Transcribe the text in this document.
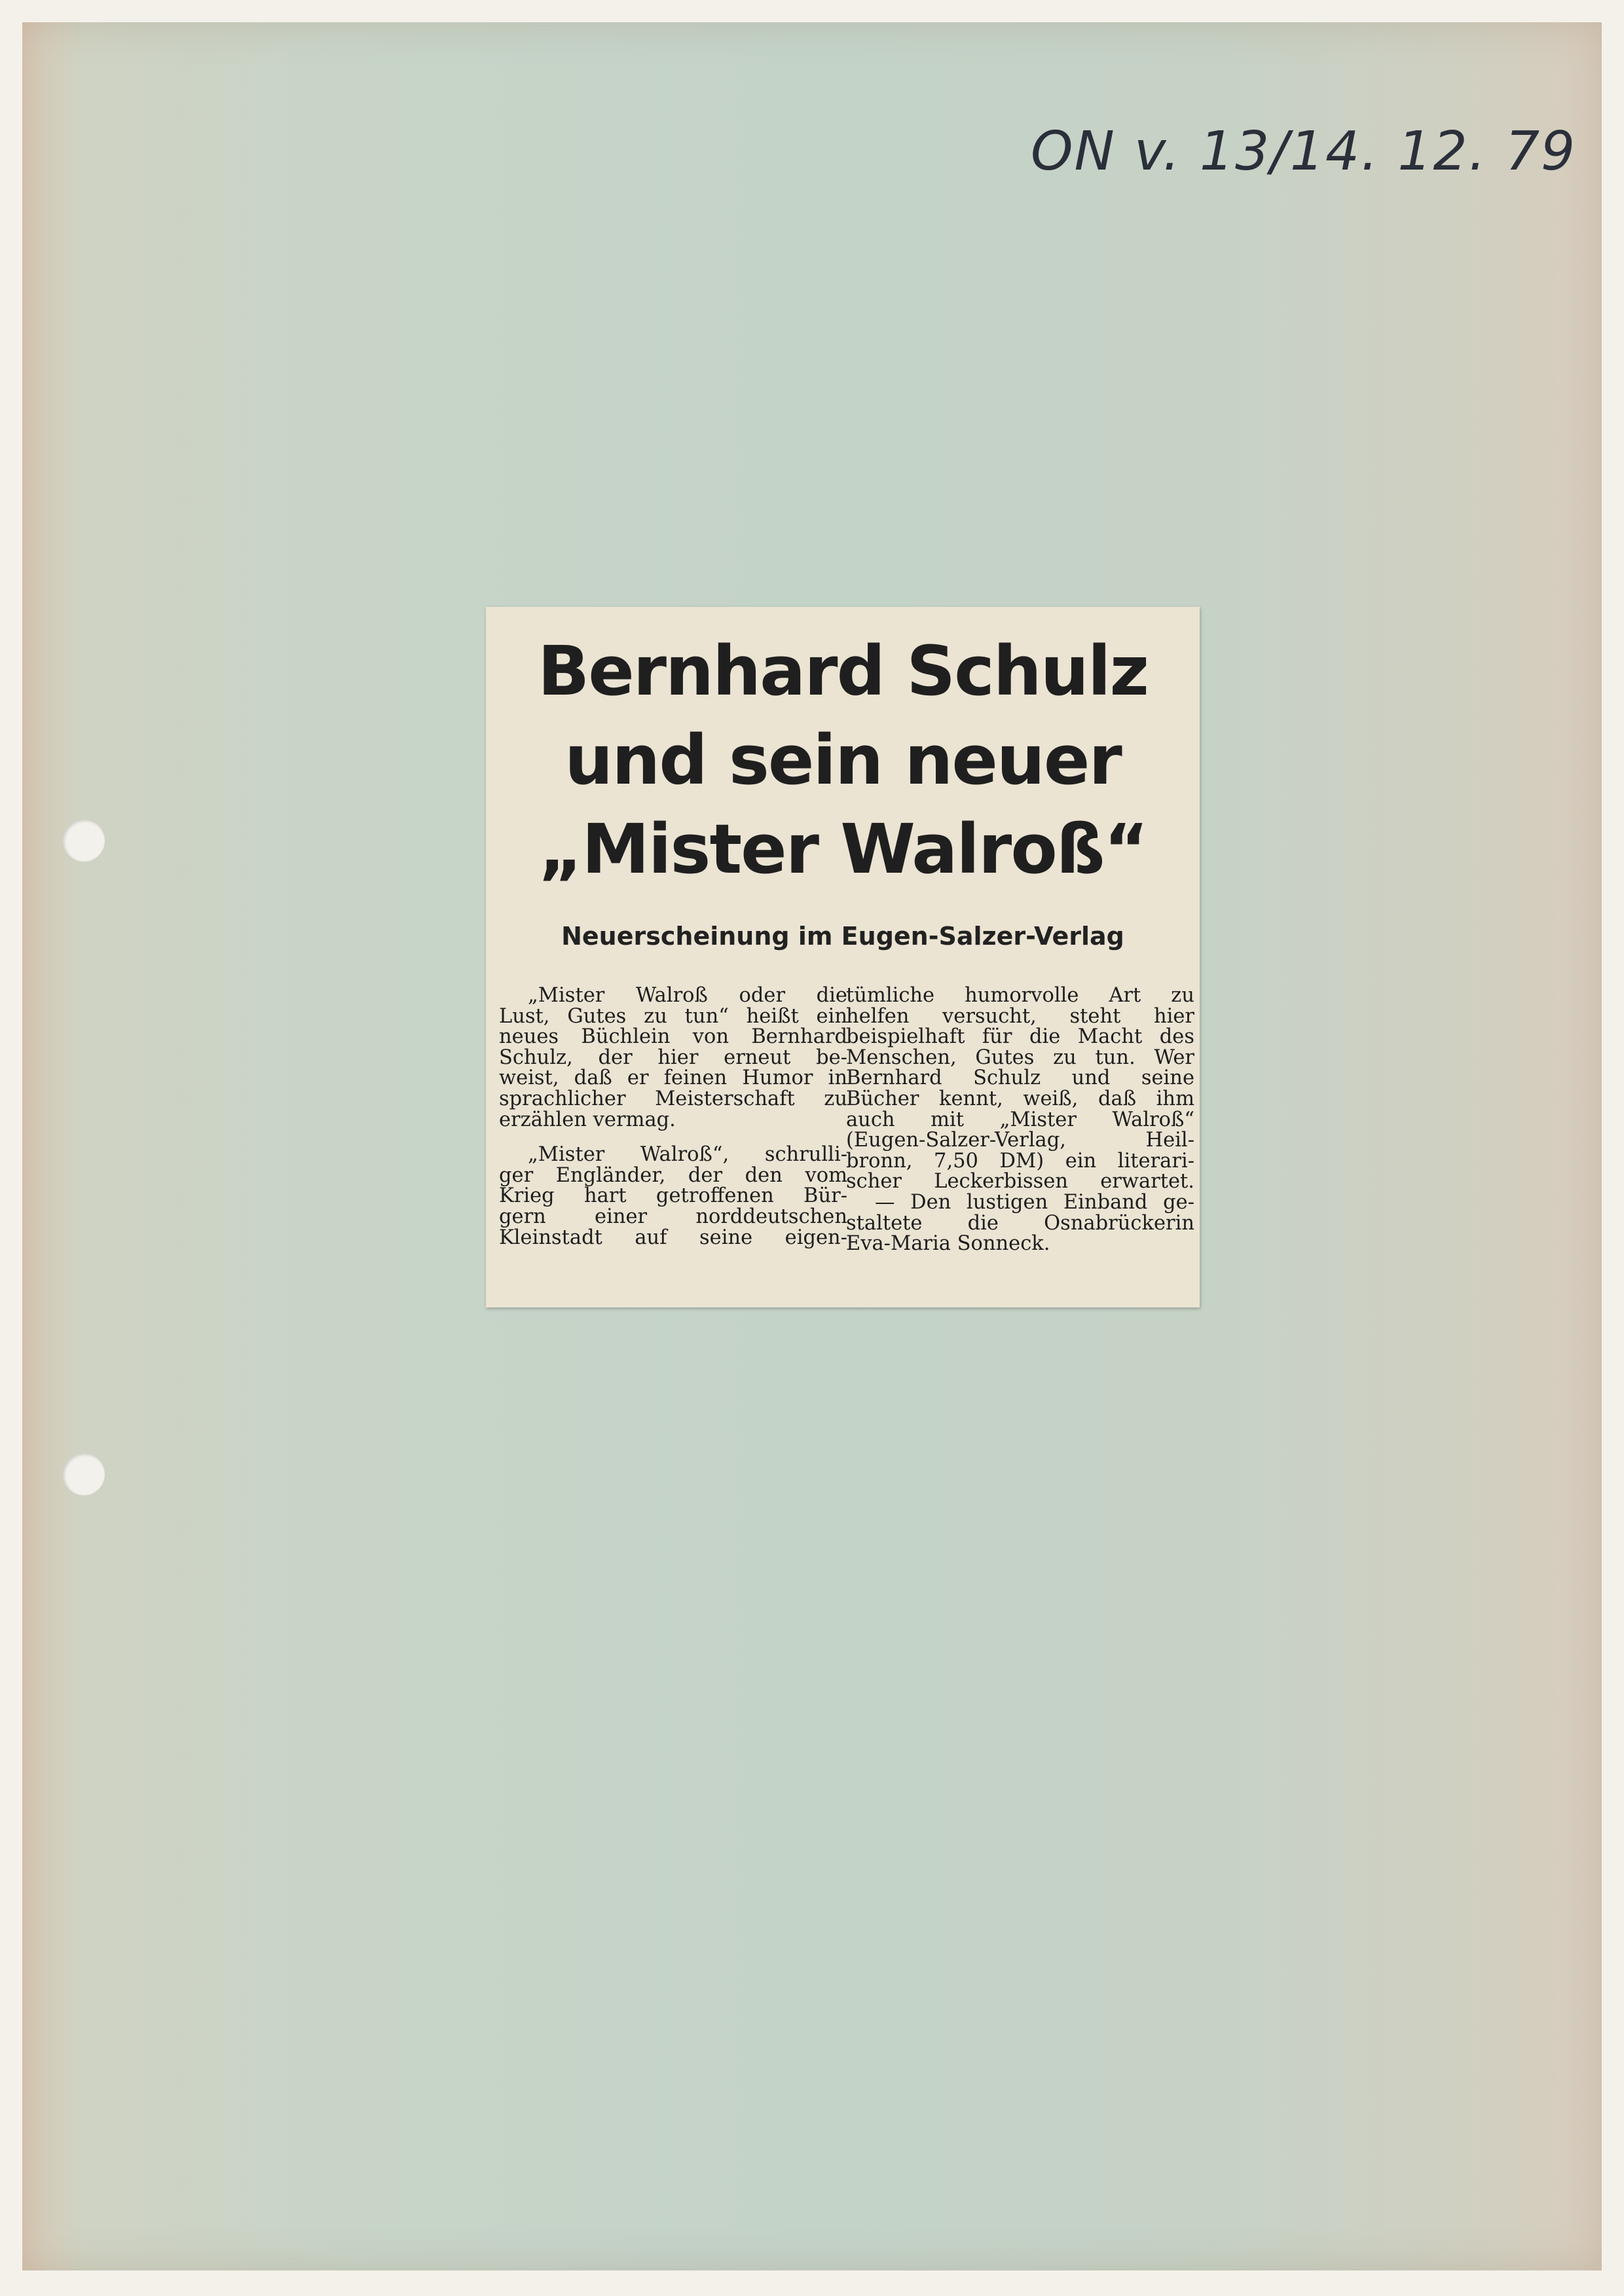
ON v. 13/14. 12. 79
Bernhard Schulz
und sein neuer
„Mister Walroß“
Neuerscheinung im Eugen-Salzer-Verlag
„Mister Walroß oder die
Lust, Gutes zu tun“ heißt ein
neues Büchlein von Bernhard
Schulz, der hier erneut be-
weist, daß er feinen Humor in
sprachlicher Meisterschaft zu
erzählen vermag.
„Mister Walroß“, schrulli-
ger Engländer, der den vom
Krieg hart getroffenen Bür-
gern einer norddeutschen
Kleinstadt auf seine eigen-
tümliche humorvolle Art zu
helfen versucht, steht hier
beispielhaft für die Macht des
Menschen, Gutes zu tun. Wer
Bernhard Schulz und seine
Bücher kennt, weiß, daß ihm
auch mit „Mister Walroß“
(Eugen-Salzer-Verlag, Heil-
bronn, 7,50 DM) ein literari-
scher Leckerbissen erwartet.
— Den lustigen Einband ge-
staltete die Osnabrückerin
Eva-Maria Sonneck.
